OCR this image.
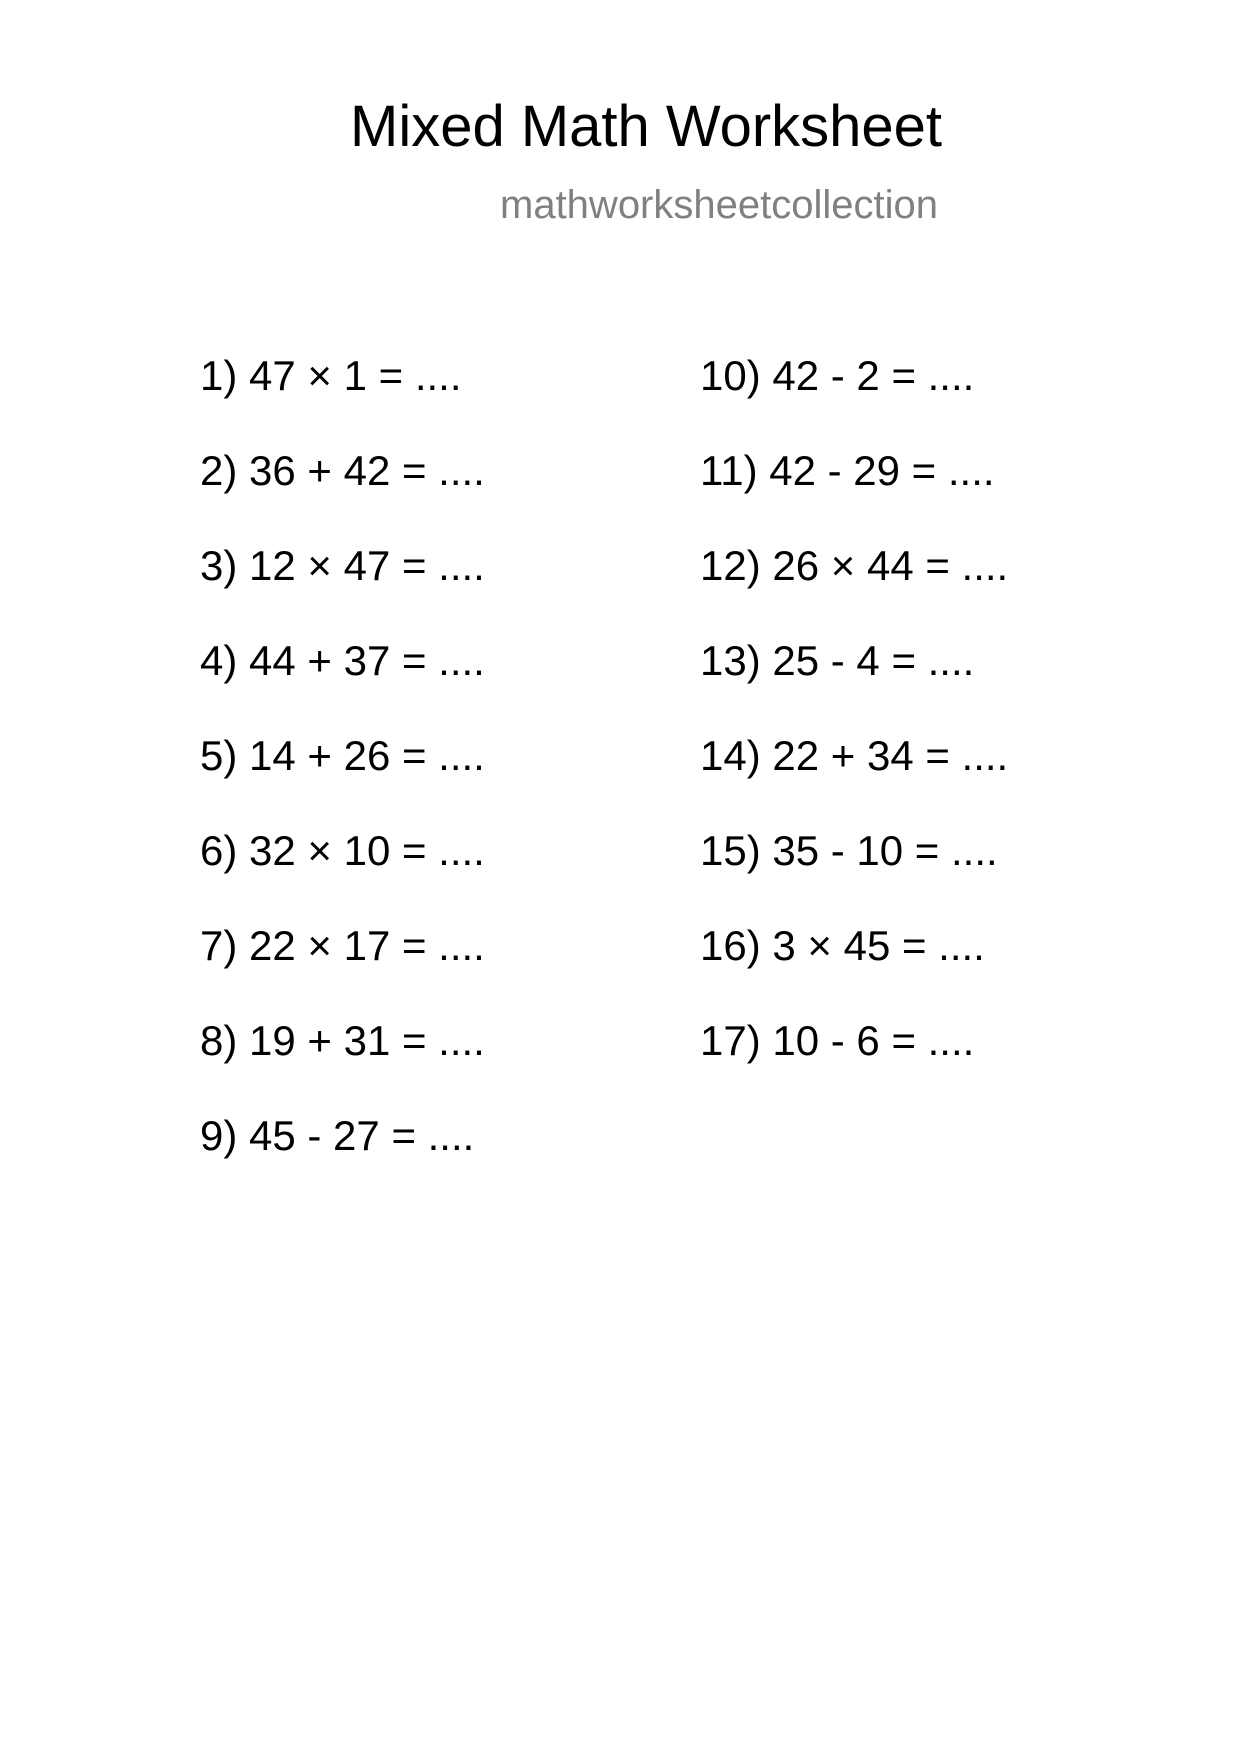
Mixed Math Worksheet
mathworksheetcollection
1) 47 × 1 = ....
2) 36 + 42 = ....
3) 12 × 47 = ....
4) 44 + 37 = ....
5) 14 + 26 = ....
6) 32 × 10 = ....
7) 22 × 17 = ....
8) 19 + 31 = ....
9) 45 - 27 = ....
10) 42 - 2 = ....
11) 42 - 29 = ....
12) 26 × 44 = ....
13) 25 - 4 = ....
14) 22 + 34 = ....
15) 35 - 10 = ....
16) 3 × 45 = ....
17) 10 - 6 = ....
